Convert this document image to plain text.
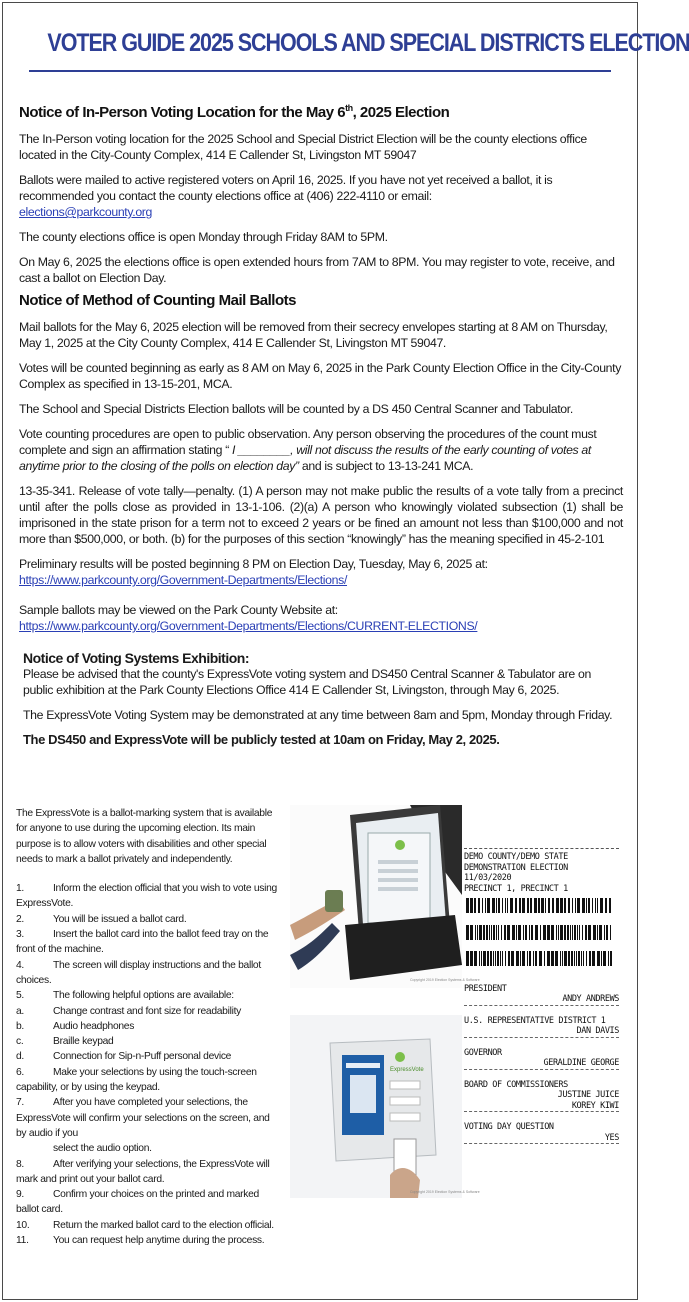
VOTER GUIDE 2025 SCHOOLS AND SPECIAL DISTRICTS ELECTION
Notice of In-Person Voting Location for the May 6th, 2025 Election

The In-Person voting location for the 2025 School and Special District Election will be the county elections office located in the City-County Complex, 414 E Callender St, Livingston MT 59047

Ballots were mailed to active registered voters on April 16, 2025. If you have not yet received a ballot, it is recommended you contact the county elections office at (406) 222-4110 or email:
elections@parkcounty.org

The county elections office is open Monday through Friday 8AM to 5PM.

On May 6, 2025 the elections office is open extended hours from 7AM to 8PM. You may register to vote, receive, and cast a ballot on Election Day.

Notice of Method of Counting Mail Ballots

Mail ballots for the May 6, 2025 election will be removed from their secrecy envelopes starting at 8 AM on Thursday, May 1, 2025 at the City County Complex, 414 E Callender St, Livingston MT 59047.

Votes will be counted beginning as early as 8 AM on May 6, 2025 in the Park County Election Office in the City-County Complex as specified in 13-15-201, MCA.

The School and Special Districts Election ballots will be counted by a DS 450 Central Scanner and Tabulator.

Vote counting procedures are open to public observation. Any person observing the procedures of the count must complete and sign an affirmation stating “ I ________, will not discuss the results of the early counting of votes at anytime prior to the closing of the polls on election day” and is subject to 13-13-241 MCA.

13-35-341. Release of vote tally—penalty. (1) A person may not make public the results of a vote tally from a precinct until after the polls close as provided in 13-1-106. (2)(a) A person who knowingly violated subsection (1) shall be imprisoned in the state prison for a term not to exceed 2 years or be fined an amount not less than $100,000 and not more than $500,000, or both. (b) for the purposes of this section “knowingly” has the meaning specified in 45-2-101

Preliminary results will be posted beginning 8 PM on Election Day, Tuesday, May 6, 2025 at:
https://www.parkcounty.org/Government-Departments/Elections/

Sample ballots may be viewed on the Park County Website at:
https://www.parkcounty.org/Government-Departments/Elections/CURRENT-ELECTIONS/

Notice of Voting Systems Exhibition:

Please be advised that the county's ExpressVote voting system and DS450 Central Scanner & Tabulator are on public exhibition at the Park County Elections Office 414 E Callender St, Livingston, through May 6, 2025.

The ExpressVote Voting System may be demonstrated at any time between 8am and 5pm, Monday through Friday.

The DS450 and ExpressVote will be publicly tested at 10am on Friday, May 2, 2025.

The ExpressVote is a ballot-marking system that is available for anyone to use during the upcoming election. Its main purpose is to allow voters with disabilities and other special needs to mark a ballot privately and independently.
1.	Inform the election official that you wish to vote using ExpressVote.
2.	You will be issued a ballot card.
3.	Insert the ballot card into the ballot feed tray on the front of the machine.
4.	The screen will display instructions and the ballot choices.
5.	The following helpful options are available:
a.	Change contrast and font size for readability
b.	Audio headphones
c.	Braille keypad
d.	Connection for Sip-n-Puff personal device
6.	Make your selections by using the touch-screen capability, or by using the keypad.
7.	After you have completed your selections, the ExpressVote will confirm your selections on the screen, and by audio if you
select the audio option.
8.	After verifying your selections, the ExpressVote will mark and print out your ballot card.
9.	Confirm your choices on the printed and marked ballot card.
10. Return the marked ballot card to the election official.
11. You can request help anytime during the process.
Copyright 2019 Election Systems & Software
ExpressVote
Copyright 2019 Election Systems & Software
DEMO COUNTY/DEMO STATE
DEMONSTRATION ELECTION
11/03/2020
PRECINCT 1, PRECINCT 1

PRESIDENT
ANDY ANDREWS
U.S. REPRESENTATIVE DISTRICT 1
DAN DAVIS
GOVERNOR
GERALDINE GEORGE
BOARD OF COMMISSIONERS
JUSTINE JUICE
KOREY KIWI
VOTING DAY QUESTION
YES
